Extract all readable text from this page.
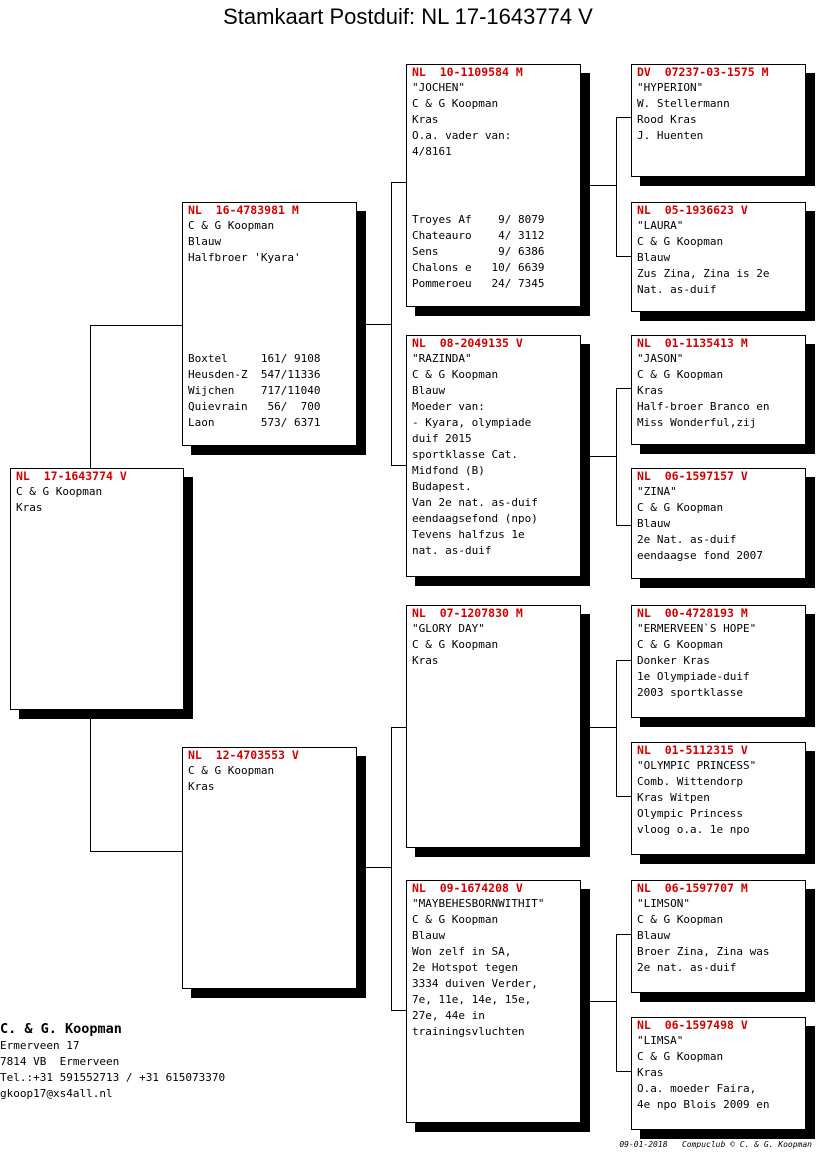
Stamkaart Postduif: NL 17-1643774 V
NL  17-1643774 V
C & G Koopman
Kras
NL  16-4783981 M
C & G Koopman
Blauw
Halfbroer 'Kyara'
Boxtel     161/ 9108
Heusden-Z  547/11336
Wijchen    717/11040
Quievrain   56/  700
Laon       573/ 6371
NL  12-4703553 V
C & G Koopman
Kras
NL  10-1109584 M
"JOCHEN"
C & G Koopman
Kras
O.a. vader van:
4/8161
Troyes Af    9/ 8079
Chateauro    4/ 3112
Sens         9/ 6386
Chalons e   10/ 6639
Pommeroeu   24/ 7345
NL  08-2049135 V
"RAZINDA"
C & G Koopman
Blauw
Moeder van:
- Kyara, olympiade
duif 2015
sportklasse Cat.
Midfond (B)
Budapest.
Van 2e nat. as-duif
eendaagsefond (npo)
Tevens halfzus 1e
nat. as-duif
NL  07-1207830 M
"GLORY DAY"
C & G Koopman
Kras
NL  09-1674208 V
"MAYBEHESBORNWITHIT"
C & G Koopman
Blauw
Won zelf in SA,
2e Hotspot tegen
3334 duiven Verder,
7e, 11e, 14e, 15e,
27e, 44e in
trainingsvluchten
DV  07237-03-1575 M
"HYPERION"
W. Stellermann
Rood Kras
J. Huenten
NL  05-1936623 V
"LAURA"
C & G Koopman
Blauw
Zus Zina, Zina is 2e
Nat. as-duif
NL  01-1135413 M
"JASON"
C & G Koopman
Kras
Half-broer Branco en
Miss Wonderful,zij
NL  06-1597157 V
"ZINA"
C & G Koopman
Blauw
2e Nat. as-duif
eendaagse fond 2007
NL  00-4728193 M
"ERMERVEEN`S HOPE"
C & G Koopman
Donker Kras
1e Olympiade-duif
2003 sportklasse
NL  01-5112315 V
"OLYMPIC PRINCESS"
Comb. Wittendorp
Kras Witpen
Olympic Princess
vloog o.a. 1e npo
NL  06-1597707 M
"LIMSON"
C & G Koopman
Blauw
Broer Zina, Zina was
2e nat. as-duif
NL  06-1597498 V
"LIMSA"
C & G Koopman
Kras
O.a. moeder Faira,
4e npo Blois 2009 en
C. & G. Koopman
Ermerveen 17
7814 VB  Ermerveen
Tel.:+31 591552713 / +31 615073370
gkoop17@xs4all.nl
09-01-2018   Compuclub © C. & G. Koopman
